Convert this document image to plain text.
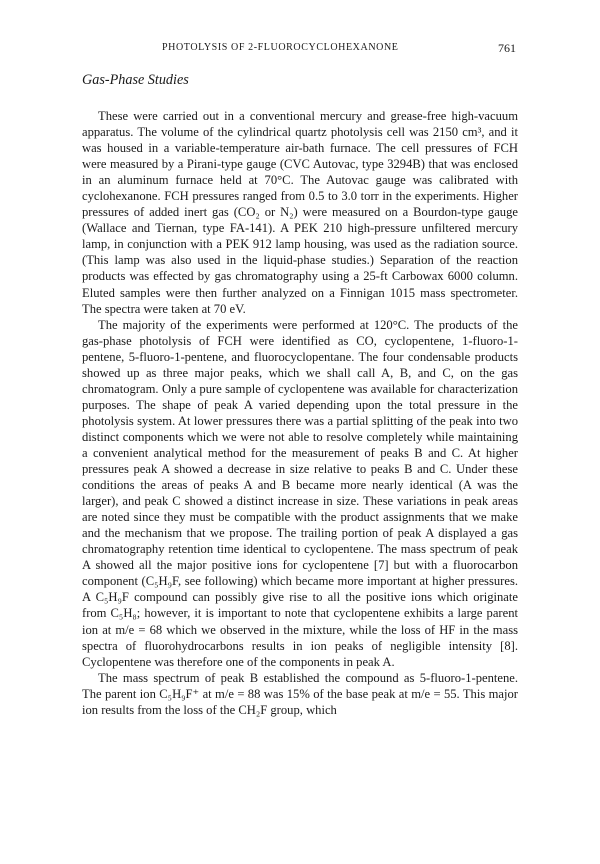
PHOTOLYSIS OF 2-FLUOROCYCLOHEXANONE	761
Gas-Phase Studies

These were carried out in a conventional mercury and grease-free high-vacuum apparatus. The volume of the cylindrical quartz photolysis cell was 2150 cm³, and it was housed in a variable-temperature air-bath furnace. The cell pressures of FCH were measured by a Pirani-type gauge (CVC Autovac, type 3294B) that was enclosed in an aluminum furnace held at 70°C. The Autovac gauge was calibrated with cyclohexanone. FCH pressures ranged from 0.5 to 3.0 torr in the experiments. Higher pressures of added inert gas (CO₂ or N₂) were measured on a Bourdon-type gauge (Wallace and Tiernan, type FA-141). A PEK 210 high-pressure unfiltered mercury lamp, in conjunction with a PEK 912 lamp housing, was used as the radiation source. (This lamp was also used in the liquid-phase studies.) Separation of the reaction products was effected by gas chromatography using a 25-ft Carbowax 6000 column. Eluted samples were then further analyzed on a Finnigan 1015 mass spectrometer. The spectra were taken at 70 eV.

The majority of the experiments were performed at 120°C. The products of the gas-phase photolysis of FCH were identified as CO, cyclopentene, 1-fluoro-1-pentene, 5-fluoro-1-pentene, and fluorocyclopentane. The four condensable products showed up as three major peaks, which we shall call A, B, and C, on the gas chromatogram. Only a pure sample of cyclopentene was available for characterization purposes. The shape of peak A varied depending upon the total pressure in the photolysis system. At lower pressures there was a partial splitting of the peak into two distinct components which we were not able to resolve completely while maintaining a convenient analytical method for the measurement of peaks B and C. At higher pressures peak A showed a decrease in size relative to peaks B and C. Under these conditions the areas of peaks A and B became more nearly identical (A was the larger), and peak C showed a distinct increase in size. These variations in peak areas are noted since they must be compatible with the product assignments that we make and the mechanism that we propose. The trailing portion of peak A displayed a gas chromatography retention time identical to cyclopentene. The mass spectrum of peak A showed all the major positive ions for cyclopentene [7] but with a fluorocarbon component (C₅H₉F, see following) which became more important at higher pressures. A C₅H₉F compound can possibly give rise to all the positive ions which originate from C₅H₈; however, it is important to note that cyclopentene exhibits a large parent ion at m/e = 68 which we observed in the mixture, while the loss of HF in the mass spectra of fluorohydrocarbons results in ion peaks of negligible intensity [8]. Cyclopentene was therefore one of the components in peak A.

The mass spectrum of peak B established the compound as 5-fluoro-1-pentene. The parent ion C₅H₉F⁺ at m/e = 88 was 15% of the base peak at m/e = 55. This major ion results from the loss of the CH₂F group, which
